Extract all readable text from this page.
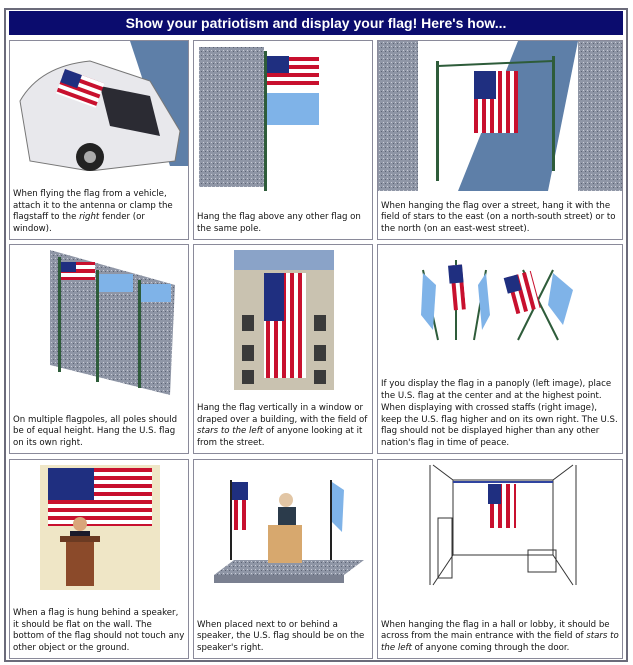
Show your patriotism and display your flag! Here's how...
When flying the flag from a vehicle, attach it to the antenna or clamp the flagstaff to the right fender (or window).
Hang the flag above any other flag on the same pole.
When hanging the flag over a street, hang it with the field of stars to the east (on a north-south street) or to the north (on an east-west street).
On multiple flagpoles, all poles should be of equal height. Hang the U.S. flag on its own right.
Hang the flag vertically in a window or draped over a building, with the field of stars to the left of anyone looking at it from the street.
If you display the flag in a panoply (left image), place the U.S. flag at the center and at the highest point. When displaying with crossed staffs (right image), keep the U.S. flag higher and on its own right. The U.S. flag should not be displayed higher than any other nation's flag in time of peace.
When a flag is hung behind a speaker, it should be flat on the wall. The bottom of the flag should not touch any other object or the ground.
When placed next to or behind a speaker, the U.S. flag should be on the speaker's right.
When hanging the flag in a hall or lobby, it should be across from the main entrance with the field of stars to the left of anyone coming through the door.
